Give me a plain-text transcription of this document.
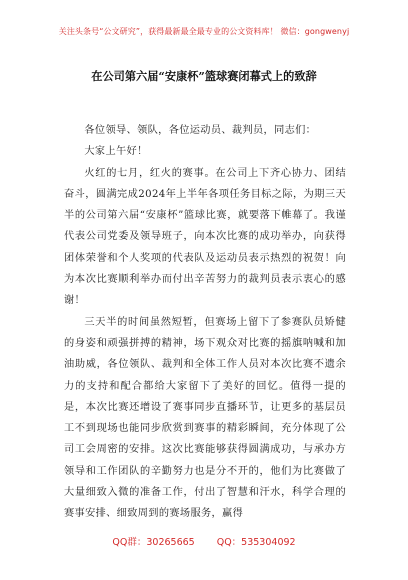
关注头条号“公文研究”，获得最新最全最专业的公文资料库！ 微信：gongwenyj
在公司第六届“安康杯”篮球赛闭幕式上的致辞

各位领导、领队，各位运动员、裁判员，同志们：

大家上午好！

火红的七月，红火的赛事。在公司上下齐心协力、团结奋斗，圆满完成2024年上半年各项任务目标之际，为期三天半的公司第六届“安康杯”篮球比赛，就要落下帷幕了。我谨代表公司党委及领导班子，向本次比赛的成功举办，向获得团体荣誉和个人奖项的代表队及运动员表示热烈的祝贺！向为本次比赛顺利举办而付出辛苦努力的裁判员表示衷心的感谢！

三天半的时间虽然短暂，但赛场上留下了参赛队员矫健的身姿和顽强拼搏的精神，场下观众对比赛的摇旗呐喊和加油助威，各位领队、裁判和全体工作人员对本次比赛不遗余力的支持和配合都给大家留下了美好的回忆。值得一提的是，本次比赛还增设了赛事同步直播环节，让更多的基层员工不到现场也能同步欣赏到赛事的精彩瞬间，充分体现了公司工会周密的安排。这次比赛能够获得圆满成功，与承办方领导和工作团队的辛勤努力也是分不开的，他们为比赛做了大量细致入微的准备工作，付出了智慧和汗水，科学合理的赛事安排、细致周到的赛场服务，赢得

QQ群：30265665 QQ：535304092
